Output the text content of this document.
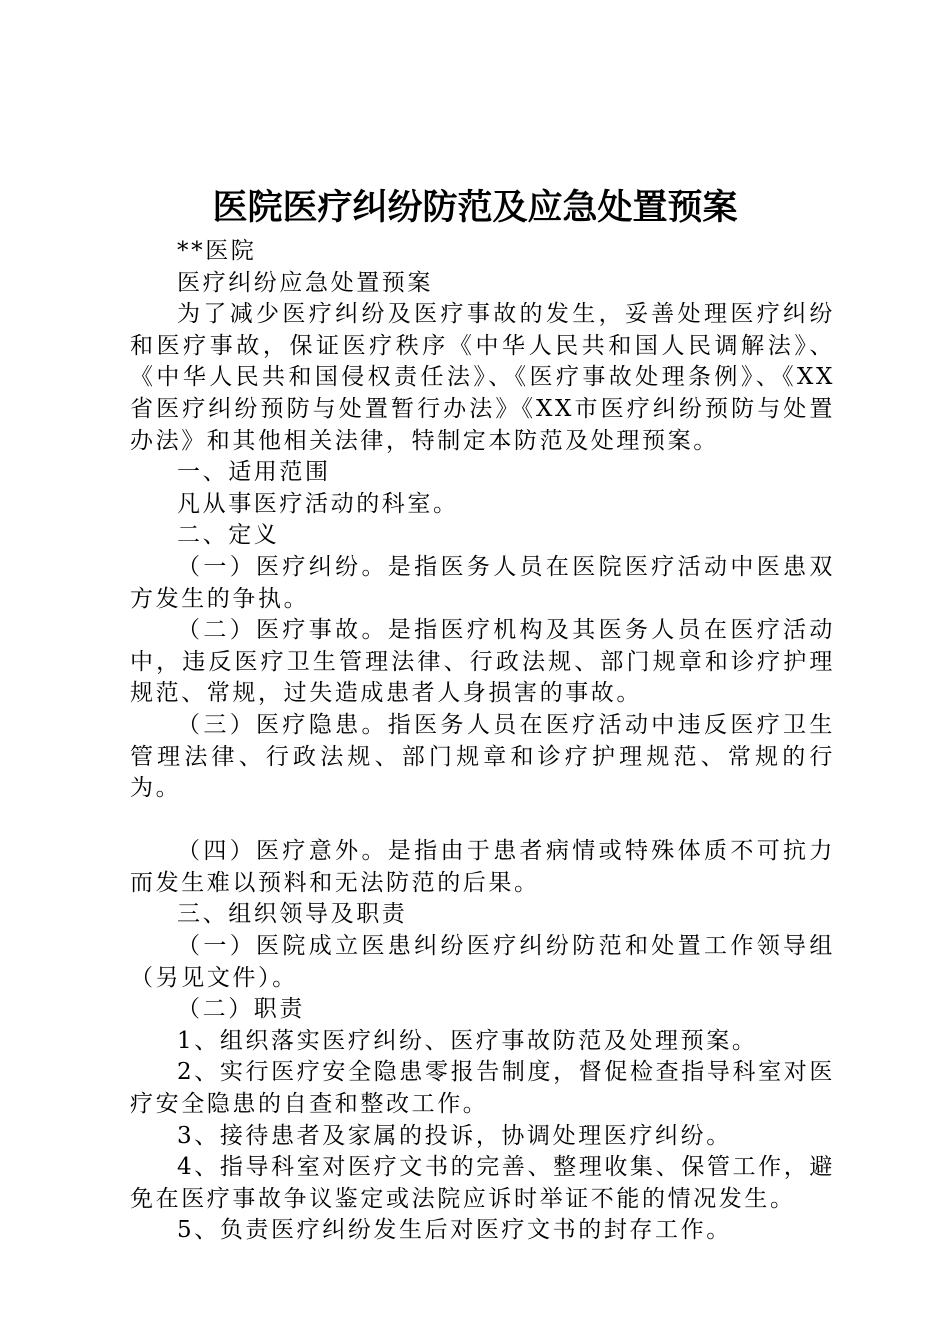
医院医疗纠纷防范及应急处置预案

**医院

医疗纠纷应急处置预案

为了减少医疗纠纷及医疗事故的发生，妥善处理医疗纠纷和医疗事故，保证医疗秩序《中华人民共和国人民调解法》、《中华人民共和国侵权责任法》、《医疗事故处理条例》、《XX省医疗纠纷预防与处置暂行办法》《XX市医疗纠纷预防与处置办法》和其他相关法律，特制定本防范及处理预案。

一、适用范围

凡从事医疗活动的科室。

二、定义

（一）医疗纠纷。是指医务人员在医院医疗活动中医患双方发生的争执。

（二）医疗事故。是指医疗机构及其医务人员在医疗活动中，违反医疗卫生管理法律、行政法规、部门规章和诊疗护理规范、常规，过失造成患者人身损害的事故。

（三）医疗隐患。指医务人员在医疗活动中违反医疗卫生管理法律、行政法规、部门规章和诊疗护理规范、常规的行为。

（四）医疗意外。是指由于患者病情或特殊体质不可抗力而发生难以预料和无法防范的后果。

三、组织领导及职责

（一）医院成立医患纠纷医疗纠纷防范和处置工作领导组（另见文件）。

（二）职责

1、组织落实医疗纠纷、医疗事故防范及处理预案。

2、实行医疗安全隐患零报告制度，督促检查指导科室对医疗安全隐患的自查和整改工作。

3、接待患者及家属的投诉，协调处理医疗纠纷。

4、指导科室对医疗文书的完善、整理收集、保管工作，避免在医疗事故争议鉴定或法院应诉时举证不能的情况发生。

5、负责医疗纠纷发生后对医疗文书的封存工作。
